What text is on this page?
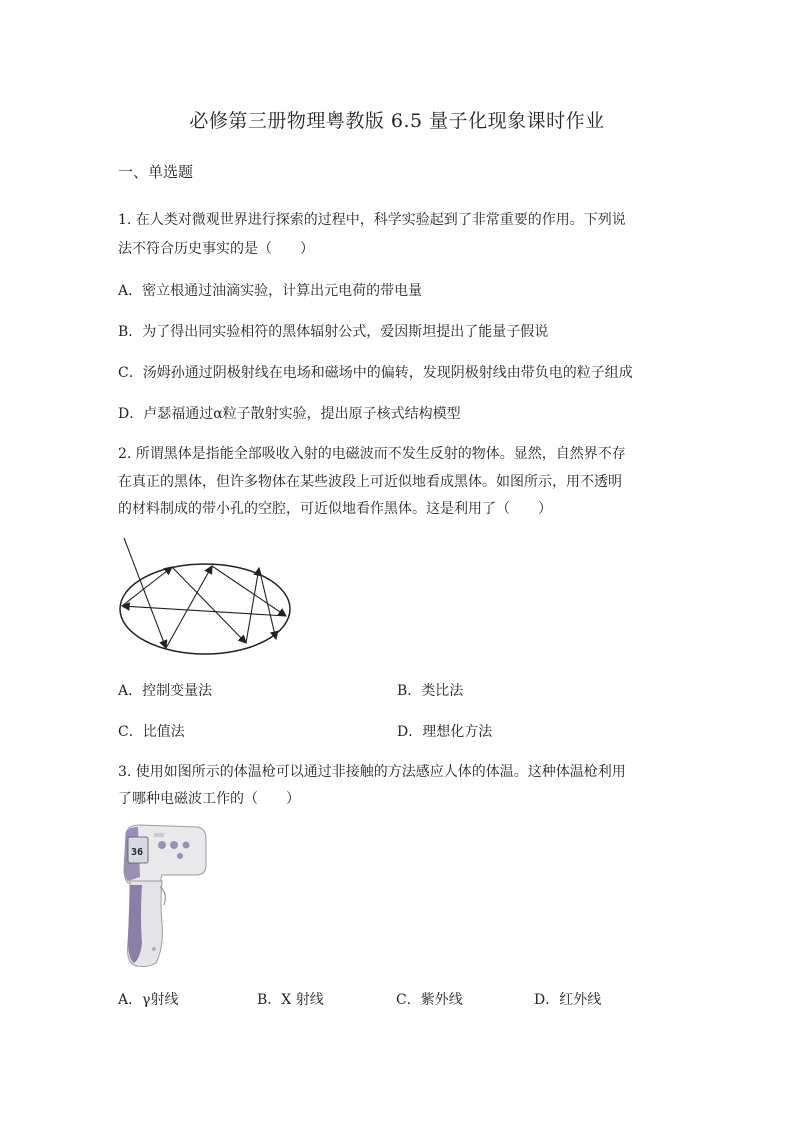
必修第三册物理粤教版 6.5 量子化现象课时作业
一、单选题
1. 在人类对微观世界进行探索的过程中，科学实验起到了非常重要的作用。下列说
法不符合历史事实的是（　　）
A．密立根通过油滴实验，计算出元电荷的带电量
B．为了得出同实验相符的黑体辐射公式，爱因斯坦提出了能量子假说
C．汤姆孙通过阴极射线在电场和磁场中的偏转，发现阴极射线由带负电的粒子组成
D．卢瑟福通过α粒子散射实验，提出原子核式结构模型
2. 所谓黑体是指能全部吸收入射的电磁波而不发生反射的物体。显然，自然界不存
在真正的黑体，但许多物体在某些波段上可近似地看成黑体。如图所示，用不透明
的材料制成的带小孔的空腔，可近似地看作黑体。这是利用了（　　）
A．控制变量法	B．类比法
C．比值法	D．理想化方法
3. 使用如图所示的体温枪可以通过非接触的方法感应人体的体温。这种体温枪利用
了哪种电磁波工作的（　　）
36
A．γ射线	B．X 射线	C．紫外线	D．红外线
